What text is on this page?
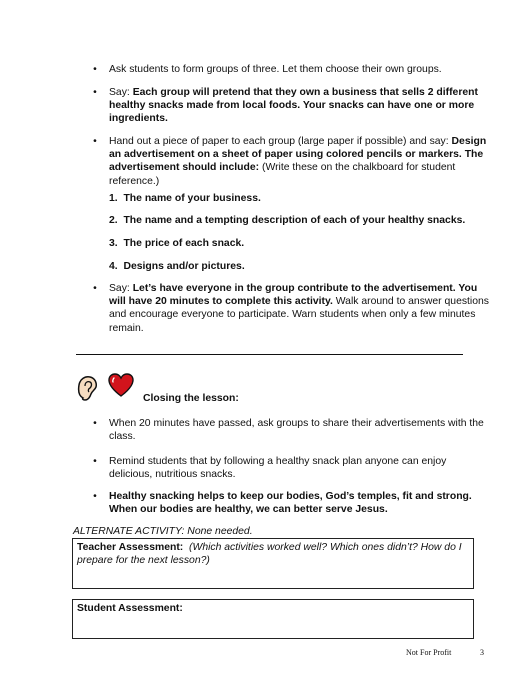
• Ask students to form groups of three. Let them choose their own groups.
• Say: Each group will pretend that they own a business that sells 2 different healthy snacks made from local foods. Your snacks can have one or more ingredients.
• Hand out a piece of paper to each group (large paper if possible) and say: Design an advertisement on a sheet of paper using colored pencils or markers. The advertisement should include: (Write these on the chalkboard for student reference.)
1. The name of your business.
2. The name and a tempting description of each of your healthy snacks.
3. The price of each snack.
4. Designs and/or pictures.
• Say: Let’s have everyone in the group contribute to the advertisement. You will have 20 minutes to complete this activity. Walk around to answer questions and encourage everyone to participate. Warn students when only a few minutes remain.
Closing the lesson:
• When 20 minutes have passed, ask groups to share their advertisements with the class.
• Remind students that by following a healthy snack plan anyone can enjoy delicious, nutritious snacks.
• Healthy snacking helps to keep our bodies, God’s temples, fit and strong. When our bodies are healthy, we can better serve Jesus.
ALTERNATE ACTIVITY: None needed.
Teacher Assessment: (Which activities worked well? Which ones didn’t? How do I prepare for the next lesson?)
Student Assessment:
Not For Profit	3
